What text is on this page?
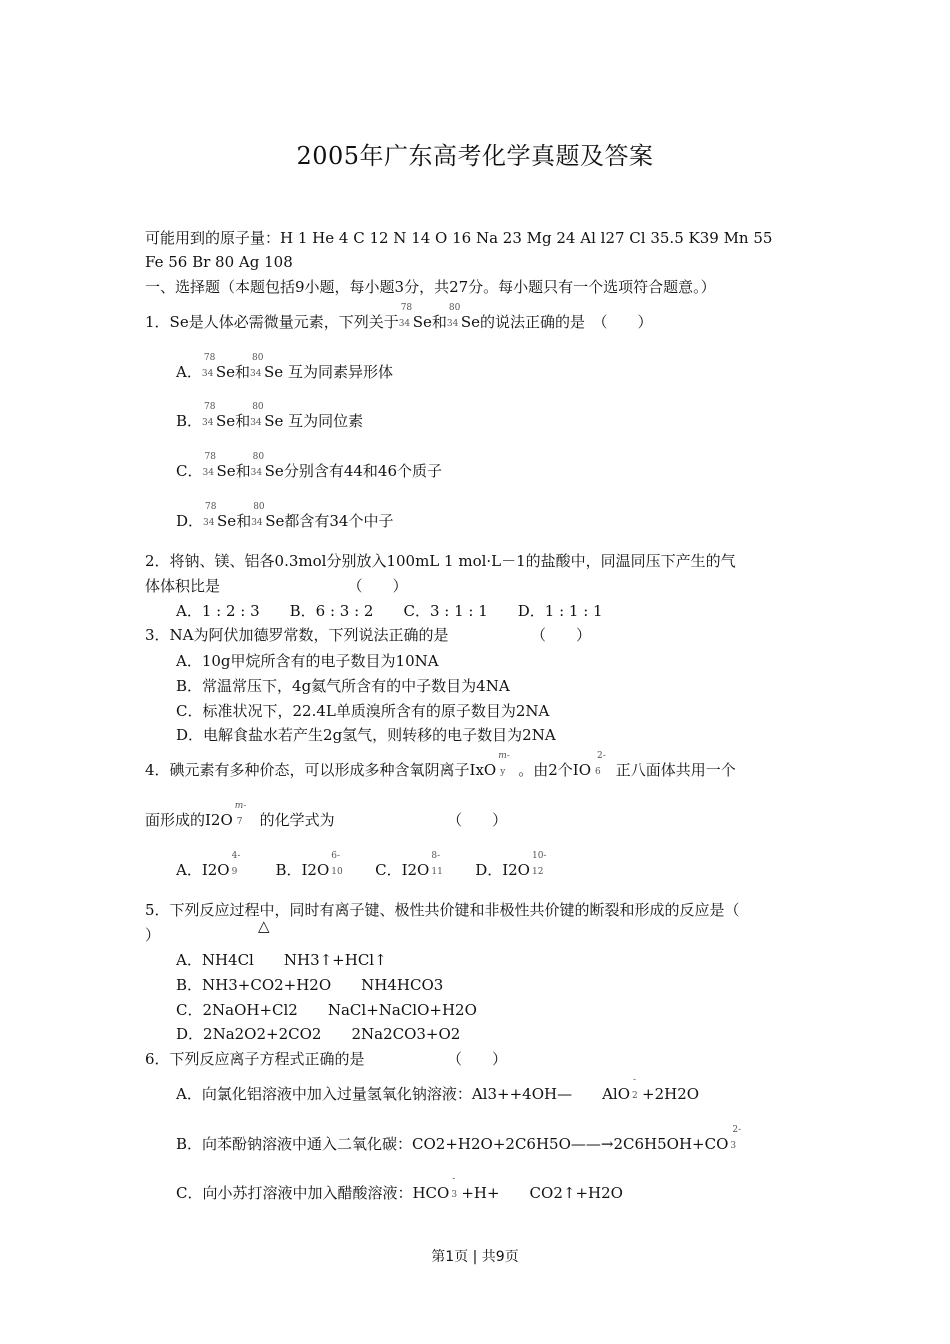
2005年广东高考化学真题及答案
可能用到的原子量：H 1 He 4 C 12 N 14 O 16 Na 23 Mg 24 Al l27 Cl 35.5 K39 Mn 55
Fe 56 Br 80 Ag 108
一、选择题（本题包括9小题，每小题3分，共27分。每小题只有一个选项符合题意。）
1．Se是人体必需微量元素，下列关于
78
34 Se和
80
34 Se的说法正确的是　（　　）
A．
78
34 Se和
80
34 Se 互为同素异形体
B．
78
34 Se和
80
34 Se 互为同位素
C．
78
34 Se和
80
34 Se分别含有44和46个质子
D．
78
34 Se和
80
34 Se都含有34个中子
2．将钠、镁、铝各0.3mol分别放入100mL 1 mol·L－1的盐酸中，同温同压下产生的气
体体积比是　　　　　　　　　（　　）
A．1 : 2 : 3　　B．6 : 3 : 2　　C．3 : 1 : 1　　D．1 : 1 : 1
3．NA为阿伏加德罗常数，下列说法正确的是　　　　　　（　　）
A．10g甲烷所含有的电子数目为10NA
B．常温常压下，4g氦气所含有的中子数目为4NA
C．标准状况下，22.4L单质溴所含有的原子数目为2NA
D．电解食盐水若产生2g氢气，则转移的电子数目为2NA
4．碘元素有多种价态，可以形成多种含氧阴离子IxO
m-
y 。由2个IO
2-
6 正八面体共用一个
面形成的I2O
m-
7 的化学式为　　　　　　　　（　　）
A．I2O
4-
9	B．I2O
6-
10 C．I2O
8-
11 D．I2O
10-
12
5．下列反应过程中，同时有离子键、极性共价键和非极性共价键的断裂和形成的反应是（
△
）
A．NH4Cl　　NH3↑+HCl↑
B．NH3+CO2+H2O　　NH4HCO3
C．2NaOH+Cl2　　NaCl+NaClO+H2O
D．2Na2O2+2CO2　　2Na2CO3+O2
6．下列反应离子方程式正确的是　　　　　　（　　）
A．向氯化铝溶液中加入过量氢氧化钠溶液：Al3++4OH—　　AlO
-
2 +2H2O
B．向苯酚钠溶液中通入二氧化碳：CO2+H2O+2C6H5O——→2C6H5OH+CO
2-
3
C．向小苏打溶液中加入醋酸溶液：HCO
-
3 +H+　　CO2↑+H2O
第1页 | 共9页
